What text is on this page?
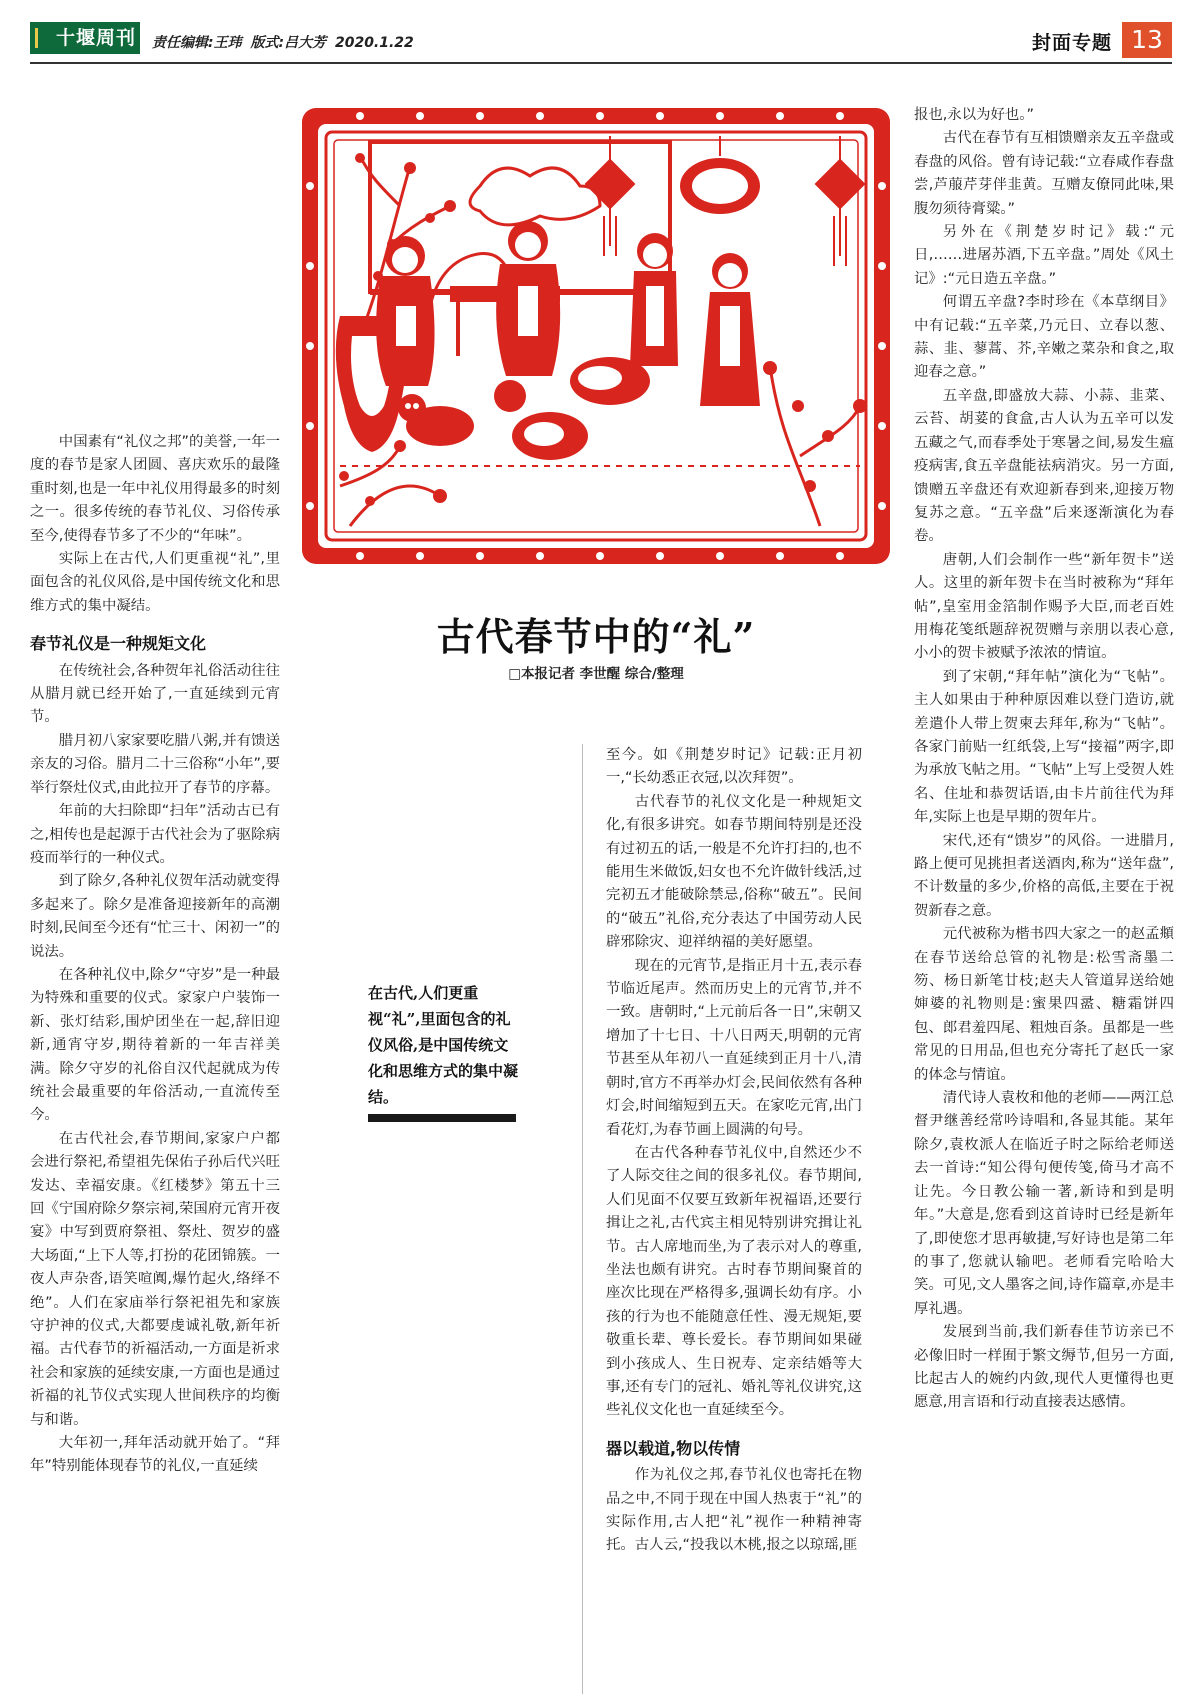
十堰周刊 责任编辑:王玮 版式:吕大芳 2020.1.22	封面专题 13
古代春节中的“礼”
□本报记者 李世醒 综合/整理

中国素有“礼仪之邦”的美誉,一年一度的春节是家人团圆、喜庆欢乐的最隆重时刻,也是一年中礼仪用得最多的时刻之一。很多传统的春节礼仪、习俗传承至今,使得春节多了不少的“年味”。

实际上在古代,人们更重视“礼”,里面包含的礼仪风俗,是中国传统文化和思维方式的集中凝结。

春节礼仪是一种规矩文化

在传统社会,各种贺年礼俗活动往往从腊月就已经开始了,一直延续到元宵节。

腊月初八家家要吃腊八粥,并有馈送亲友的习俗。腊月二十三俗称“小年”,要举行祭灶仪式,由此拉开了春节的序幕。

年前的大扫除即“扫年”活动古已有之,相传也是起源于古代社会为了驱除病疫而举行的一种仪式。

到了除夕,各种礼仪贺年活动就变得多起来了。除夕是准备迎接新年的高潮时刻,民间至今还有“忙三十、闲初一”的说法。

在各种礼仪中,除夕“守岁”是一种最为特殊和重要的仪式。家家户户装饰一新、张灯结彩,围炉团坐在一起,辞旧迎新,通宵守岁,期待着新的一年吉祥美满。除夕守岁的礼俗自汉代起就成为传统社会最重要的年俗活动,一直流传至今。

在古代社会,春节期间,家家户户都会进行祭祀,希望祖先保佑子孙后代兴旺发达、幸福安康。《红楼梦》第五十三回《宁国府除夕祭宗祠,荣国府元宵开夜宴》中写到贾府祭祖、祭灶、贺岁的盛大场面,“上下人等,打扮的花团锦簇。一夜人声杂沓,语笑喧阗,爆竹起火,络绎不绝”。人们在家庙举行祭祀祖先和家族守护神的仪式,大都要虔诚礼敬,新年祈福。古代春节的祈福活动,一方面是祈求社会和家族的延续安康,一方面也是通过祈福的礼节仪式实现人世间秩序的均衡与和谐。

大年初一,拜年活动就开始了。“拜年”特别能体现春节的礼仪,一直延续

在古代,人们更重视“礼”,里面包含的礼仪风俗,是中国传统文化和思维方式的集中凝结。

至今。如《荆楚岁时记》记载:正月初一,“长幼悉正衣冠,以次拜贺”。

古代春节的礼仪文化是一种规矩文化,有很多讲究。如春节期间特别是还没有过初五的话,一般是不允许打扫的,也不能用生米做饭,妇女也不允许做针线活,过完初五才能破除禁忌,俗称“破五”。民间的“破五”礼俗,充分表达了中国劳动人民辟邪除灾、迎祥纳福的美好愿望。

现在的元宵节,是指正月十五,表示春节临近尾声。然而历史上的元宵节,并不一致。唐朝时,“上元前后各一日”,宋朝又增加了十七日、十八日两天,明朝的元宵节甚至从年初八一直延续到正月十八,清朝时,官方不再举办灯会,民间依然有各种灯会,时间缩短到五天。在家吃元宵,出门看花灯,为春节画上圆满的句号。

在古代各种春节礼仪中,自然还少不了人际交往之间的很多礼仪。春节期间,人们见面不仅要互致新年祝福语,还要行揖让之礼,古代宾主相见特别讲究揖让礼节。古人席地而坐,为了表示对人的尊重,坐法也颇有讲究。古时春节期间聚首的座次比现在严格得多,强调长幼有序。小孩的行为也不能随意任性、漫无规矩,要敬重长辈、尊长爱长。春节期间如果碰到小孩成人、生日祝寿、定亲结婚等大事,还有专门的冠礼、婚礼等礼仪讲究,这些礼仪文化也一直延续至今。

器以载道,物以传情

作为礼仪之邦,春节礼仪也寄托在物品之中,不同于现在中国人热衷于“礼”的实际作用,古人把“礼”视作一种精神寄托。古人云,“投我以木桃,报之以琼瑶,匪

报也,永以为好也。”

古代在春节有互相馈赠亲友五辛盘或春盘的风俗。曾有诗记载:“立春咸作春盘尝,芦菔芹芽伴韭黄。互赠友僚同此味,果腹勿须待膏粱。”

另外在《荆楚岁时记》载:“元日,……进屠苏酒,下五辛盘。”周处《风土记》:“元日造五辛盘。”

何谓五辛盘?李时珍在《本草纲目》中有记载:“五辛菜,乃元日、立春以葱、蒜、韭、蓼蒿、芥,辛嫩之菜杂和食之,取迎春之意。”

五辛盘,即盛放大蒜、小蒜、韭菜、云苔、胡荽的食盒,古人认为五辛可以发五藏之气,而春季处于寒暑之间,易发生瘟疫病害,食五辛盘能祛病消灾。另一方面,馈赠五辛盘还有欢迎新春到来,迎接万物复苏之意。“五辛盘”后来逐渐演化为春卷。

唐朝,人们会制作一些“新年贺卡”送人。这里的新年贺卡在当时被称为“拜年帖”,皇室用金箔制作赐予大臣,而老百姓用梅花笺纸题辞祝贺赠与亲朋以表心意,小小的贺卡被赋予浓浓的情谊。

到了宋朝,“拜年帖”演化为“飞帖”。主人如果由于种种原因难以登门造访,就差遣仆人带上贺柬去拜年,称为“飞帖”。各家门前贴一红纸袋,上写“接福”两字,即为承放飞帖之用。“飞帖”上写上受贺人姓名、住址和恭贺话语,由卡片前往代为拜年,实际上也是早期的贺年片。

宋代,还有“馈岁”的风俗。一进腊月,路上便可见挑担者送酒肉,称为“送年盘”,不计数量的多少,价格的高低,主要在于祝贺新春之意。

元代被称为楷书四大家之一的赵孟頫在春节送给总管的礼物是:松雪斋墨二笏、杨日新笔廿枝;赵夫人管道昇送给她婶婆的礼物则是:蜜果四盝、糖霜饼四包、郎君羞四尾、粗烛百条。虽都是一些常见的日用品,但也充分寄托了赵氏一家的体念与情谊。

清代诗人袁枚和他的老师——两江总督尹继善经常吟诗唱和,各显其能。某年除夕,袁枚派人在临近子时之际给老师送去一首诗:“知公得句便传笺,倚马才高不让先。今日教公输一著,新诗和到是明年。”大意是,您看到这首诗时已经是新年了,即使您才思再敏捷,写好诗也是第二年的事了,您就认输吧。老师看完哈哈大笑。可见,文人墨客之间,诗作篇章,亦是丰厚礼遇。

发展到当前,我们新春佳节访亲已不必像旧时一样囿于繁文缛节,但另一方面,比起古人的婉约内敛,现代人更懂得也更愿意,用言语和行动直接表达感情。
